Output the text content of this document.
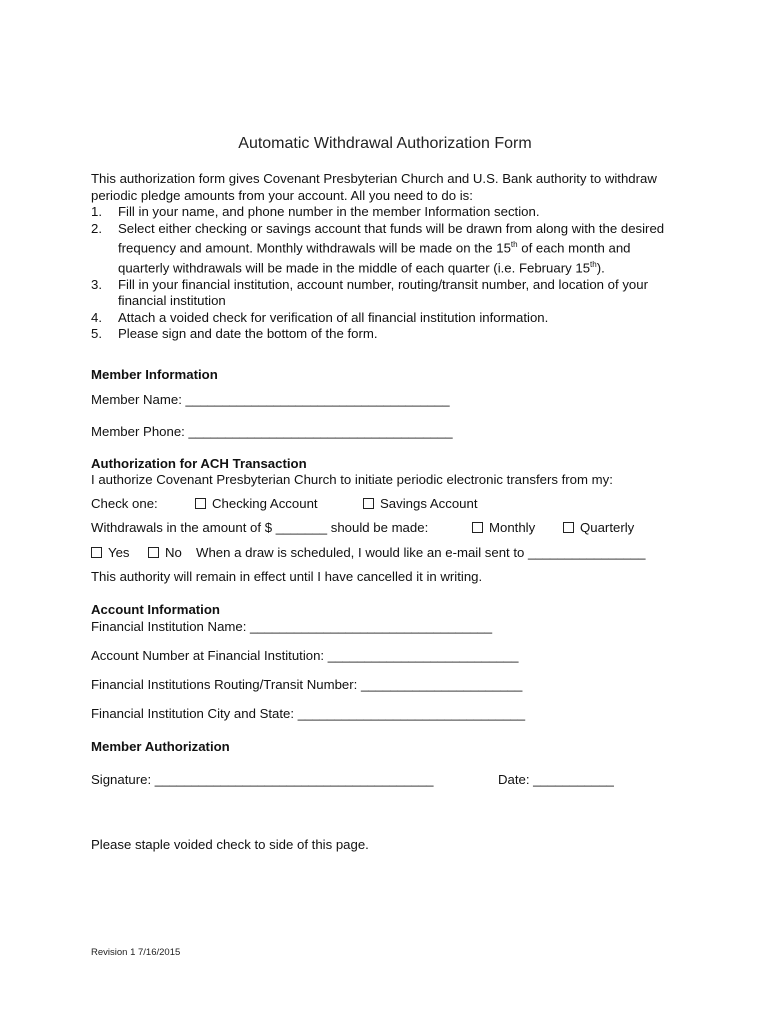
Automatic Withdrawal Authorization Form
This authorization form gives Covenant Presbyterian Church and U.S. Bank authority to withdraw periodic pledge amounts from your account. All you need to do is:
1. Fill in your name, and phone number in the member Information section.
2. Select either checking or savings account that funds will be drawn from along with the desired frequency and amount. Monthly withdrawals will be made on the 15th of each month and quarterly withdrawals will be made in the middle of each quarter (i.e. February 15th).
3. Fill in your financial institution, account number, routing/transit number, and location of your financial institution
4. Attach a voided check for verification of all financial institution information.
5. Please sign and date the bottom of the form.
Member Information
Member Name: ____________________________________
Member Phone: ____________________________________
Authorization for ACH Transaction
I authorize Covenant Presbyterian Church to initiate periodic electronic transfers from my:
Check one:	Checking Account	Savings Account
Withdrawals in the amount of $ _______ should be made:	Monthly	Quarterly
Yes	No When a draw is scheduled, I would like an e-mail sent to ________________
This authority will remain in effect until I have cancelled it in writing.
Account Information
Financial Institution Name: _________________________________
Account Number at Financial Institution: __________________________
Financial Institutions Routing/Transit Number: ______________________
Financial Institution City and State: _______________________________
Member Authorization
Signature: ______________________________________	Date: ___________
Please staple voided check to side of this page.
Revision 1 7/16/2015
